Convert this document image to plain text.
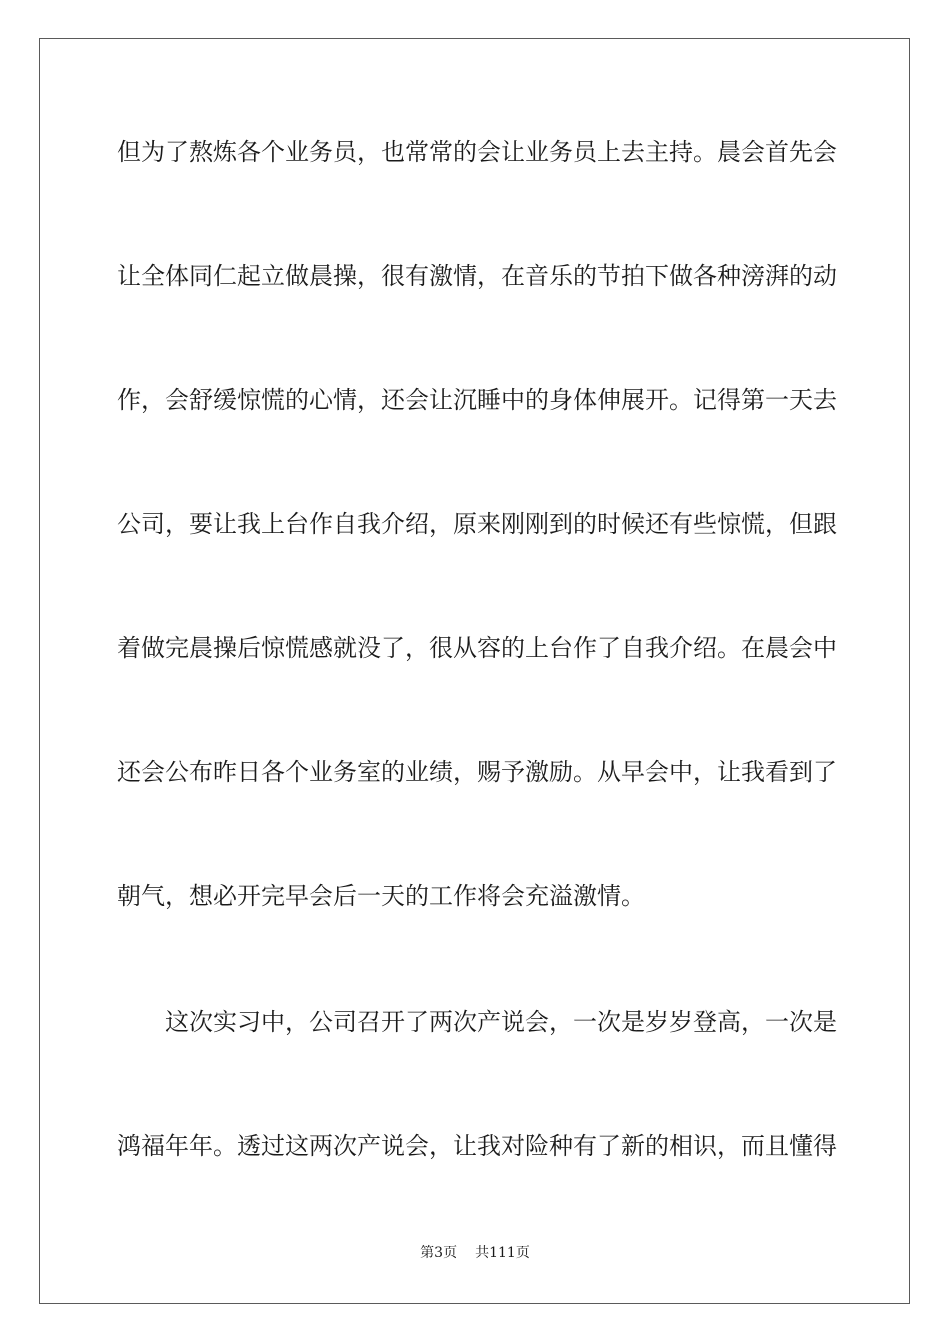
但为了熬炼各个业务员，也常常的会让业务员上去主持。晨会首先会
让全体同仁起立做晨操，很有激情，在音乐的节拍下做各种滂湃的动
作，会舒缓惊慌的心情，还会让沉睡中的身体伸展开。记得第一天去
公司，要让我上台作自我介绍，原来刚刚到的时候还有些惊慌，但跟
着做完晨操后惊慌感就没了，很从容的上台作了自我介绍。在晨会中
还会公布昨日各个业务室的业绩，赐予激励。从早会中，让我看到了
朝气，想必开完早会后一天的工作将会充溢激情。
这次实习中，公司召开了两次产说会，一次是岁岁登高，一次是
鸿福年年。透过这两次产说会，让我对险种有了新的相识，而且懂得
第3页 共111页
